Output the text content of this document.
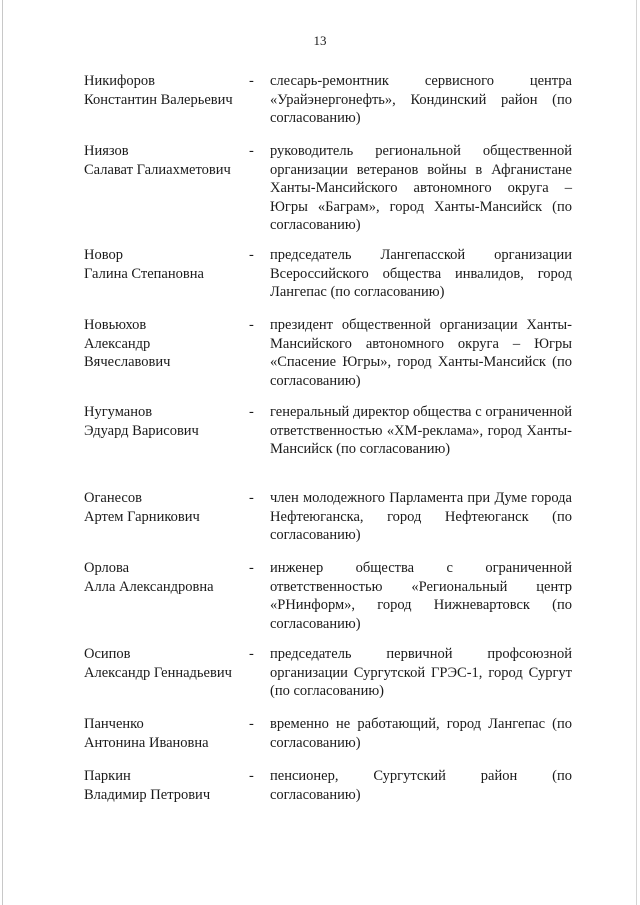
13
Никифоров
Константин Валерьевич
- слесарь-ремонтник сервисного центра «Урайэнергонефть», Кондинский район (по согласованию)
Ниязов
Салават Галиахметович
- руководитель региональной общественной организации ветеранов войны в Афганистане Ханты-Мансийского автономного округа – Югры «Баграм», город Ханты-Мансийск (по согласованию)
Новор
Галина Степановна
- председатель Лангепасской организации Всероссийского общества инвалидов, город Лангепас (по согласованию)
Новьюхов
Александр
Вячеславович
- президент общественной организации Ханты-Мансийского автономного округа – Югры «Спасение Югры», город Ханты-Мансийск (по согласованию)
Нугуманов
Эдуард Варисович
- генеральный директор общества с ограниченной ответственностью «ХМ-реклама», город Ханты-Мансийск (по согласованию)
Оганесов
Артем Гарникович
- член молодежного Парламента при Думе города Нефтеюганска, город Нефтеюганск (по согласованию)
Орлова
Алла Александровна
- инженер общества с ограниченной ответственностью «Региональный центр «РНинформ», город Нижневартовск (по согласованию)
Осипов
Александр Геннадьевич
- председатель первичной профсоюзной организации Сургутской ГРЭС-1, город Сургут (по согласованию)
Панченко
Антонина Ивановна
- временно не работающий, город Лангепас (по согласованию)
Паркин
Владимир Петрович
- пенсионер, Сургутский район (по согласованию)
